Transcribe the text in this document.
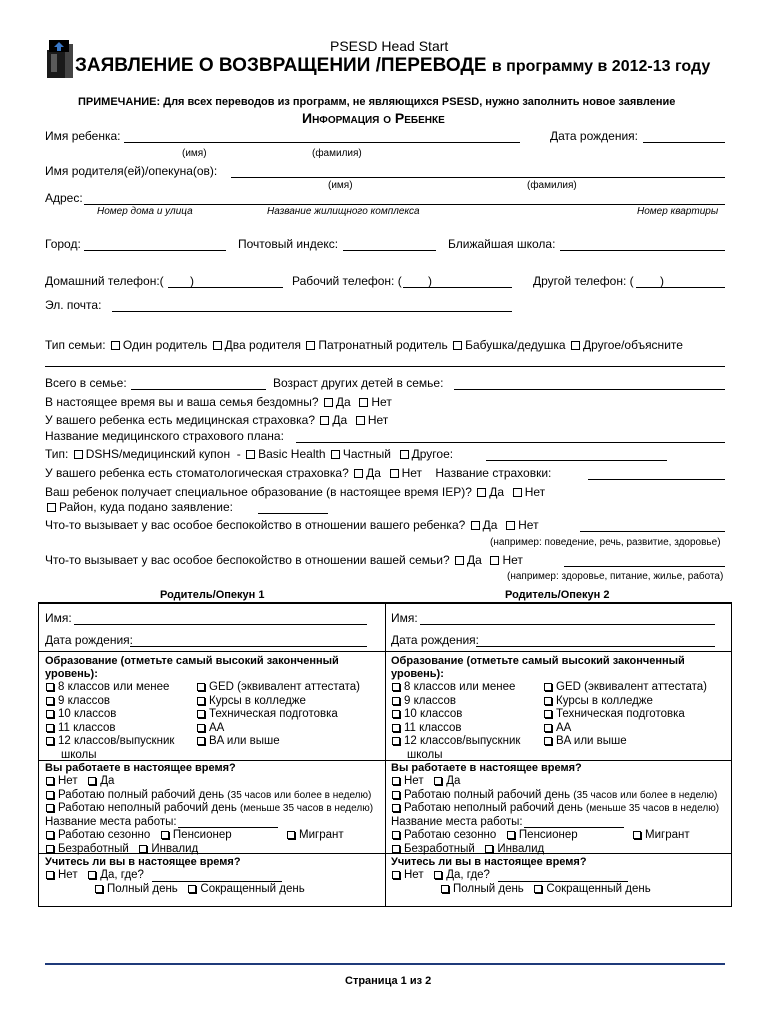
PSESD Head Start
ЗАЯВЛЕНИЕ О ВОЗВРАЩЕНИИ /ПЕРЕВОДЕ в программу в 2012-13 году
ПРИМЕЧАНИЕ: Для всех переводов из программ, не являющихся PSESD, нужно заполнить новое заявление
Информация о Ребенке
Имя ребенка:	Дата рождения:
(имя)	(фамилия)
Имя родителя(ей)/опекуна(ов):
(имя)	(фамилия)
Адрес:
Номер дома и улица	Название жилищного комплекса	Номер квартиры
Город:	Почтовый индекс:	Ближайшая школа:
Домашний телефон:( )	Рабочий телефон: ( )	Другой телефон: ( )
Эл. почта:
Тип семьи: Один родитель Два родителя Патронатный родитель Бабушка/дедушка Другое/объясните
Всего в семье:	Возраст других детей в семье:
В настоящее время вы и ваша семья бездомны? Да Нет
У вашего ребенка есть медицинская страховка? Да Нет
Название медицинского страхового плана:
Тип: DSHS/медицинский купон - Basic Health Частный Другое:
У вашего ребенка есть стоматологическая страховка? Да Нет Название страховки:
Ваш ребенок получает специальное образование (в настоящее время IEP)? Да Нет
Район, куда подано заявление:
Что-то вызывает у вас особое беспокойство в отношении вашего ребенка? Да Нет
(например: поведение, речь, развитие, здоровье)
Что-то вызывает у вас особое беспокойство в отношении вашей семьи? Да Нет
(например: здоровье, питание, жилье, работа)
Родитель/Опекун 1	Родитель/Опекун 2
Имя:
Дата рождения:
Образование (отметьте самый высокий законченный
уровень):
8 классов или менее
9 классов
10 классов
11 классов
12 классов/выпускник
школы
GED (эквивалент аттестата)
Курсы в колледже
Техническая подготовка
AA
BA или выше
Вы работаете в настоящее время?
Нет Да
Работаю полный рабочий день (35 часов или более в неделю)
Работаю неполный рабочий день (меньше 35 часов в неделю)
Название места работы:
Работаю сезонно Пенсионер
Безработный Инвалид
Мигрант
Учитесь ли вы в настоящее время?
Нет Да, где?
Полный день Сокращенный день
Имя:
Дата рождения:
Образование (отметьте самый высокий законченный
уровень):
8 классов или менее
9 классов
10 классов
11 классов
12 классов/выпускник
школы
GED (эквивалент аттестата)
Курсы в колледже
Техническая подготовка
AA
BA или выше
Вы работаете в настоящее время?
Нет Да
Работаю полный рабочий день (35 часов или более в неделю)
Работаю неполный рабочий день (меньше 35 часов в неделю)
Название места работы:
Работаю сезонно Пенсионер
Безработный Инвалид
Мигрант
Учитесь ли вы в настоящее время?
Нет Да, где?
Полный день Сокращенный день
Страница 1 из 2
